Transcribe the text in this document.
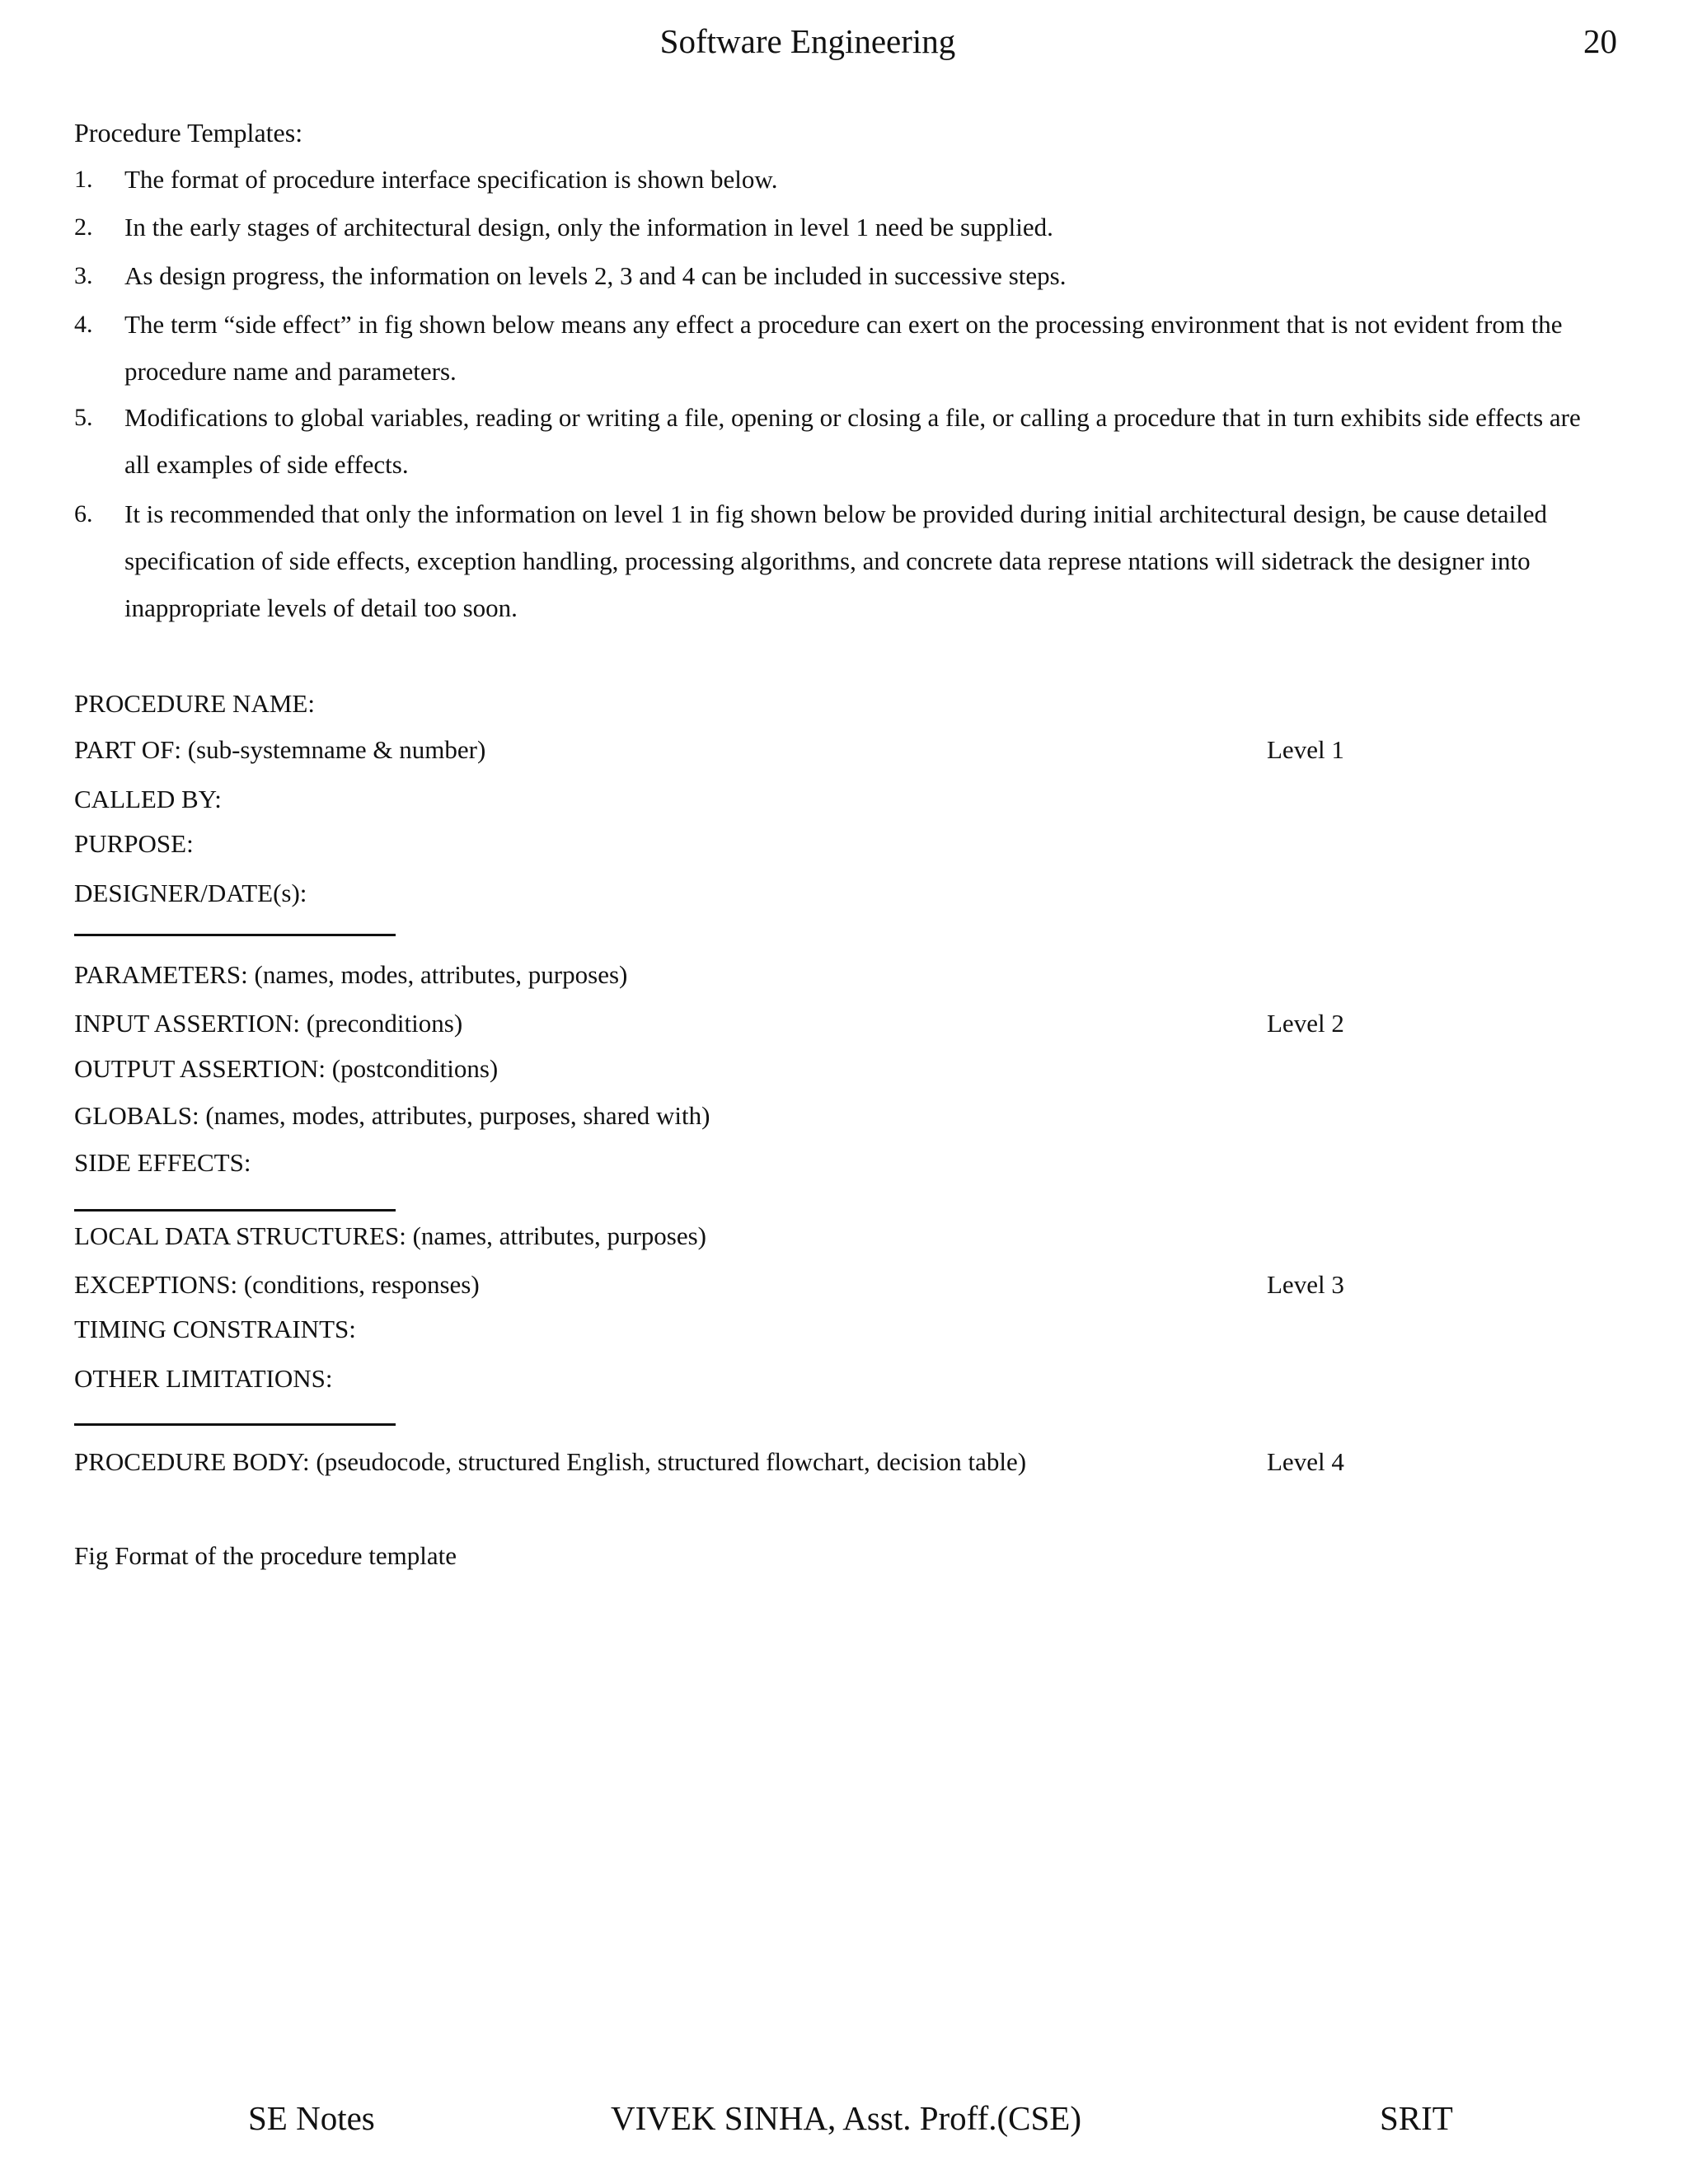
Software Engineering	20
Procedure Templates:
1. The format of procedure interface specification is shown below.
2. In the early stages of architectural design, only the information in level 1 need be supplied.
3. As design progress, the information on levels 2, 3 and 4 can be included in successive steps.
4. The term “side effect” in fig shown below means any effect a procedure can exert on the processing environment that is not evident from the procedure name and parameters.
5. Modifications to global variables, reading or writing a file, opening or closing a file, or calling a procedure that in turn exhibits side effects are all examples of side effects.
6. It is recommended that only the information on level 1 in fig shown below be provided during initial architectural design, be cause detailed specification of side effects, exception handling, processing algorithms, and concrete data represe ntations will sidetrack the designer into inappropriate levels of detail too soon.
PROCEDURE NAME:
PART OF: (sub-systemname & number)	Level 1
CALLED BY:
PURPOSE:
DESIGNER/DATE(s):
PARAMETERS: (names, modes, attributes, purposes)
INPUT ASSERTION: (preconditions)	Level 2
OUTPUT ASSERTION: (postconditions)
GLOBALS: (names, modes, attributes, purposes, shared with)
SIDE EFFECTS:
LOCAL DATA STRUCTURES: (names, attributes, purposes)
EXCEPTIONS: (conditions, responses)	Level 3
TIMING CONSTRAINTS:
OTHER LIMITATIONS:
PROCEDURE BODY: (pseudocode, structured English, structured flowchart, decision table)	Level 4
Fig Format of the procedure template
SE Notes	VIVEK SINHA, Asst. Proff.(CSE)	SRIT
